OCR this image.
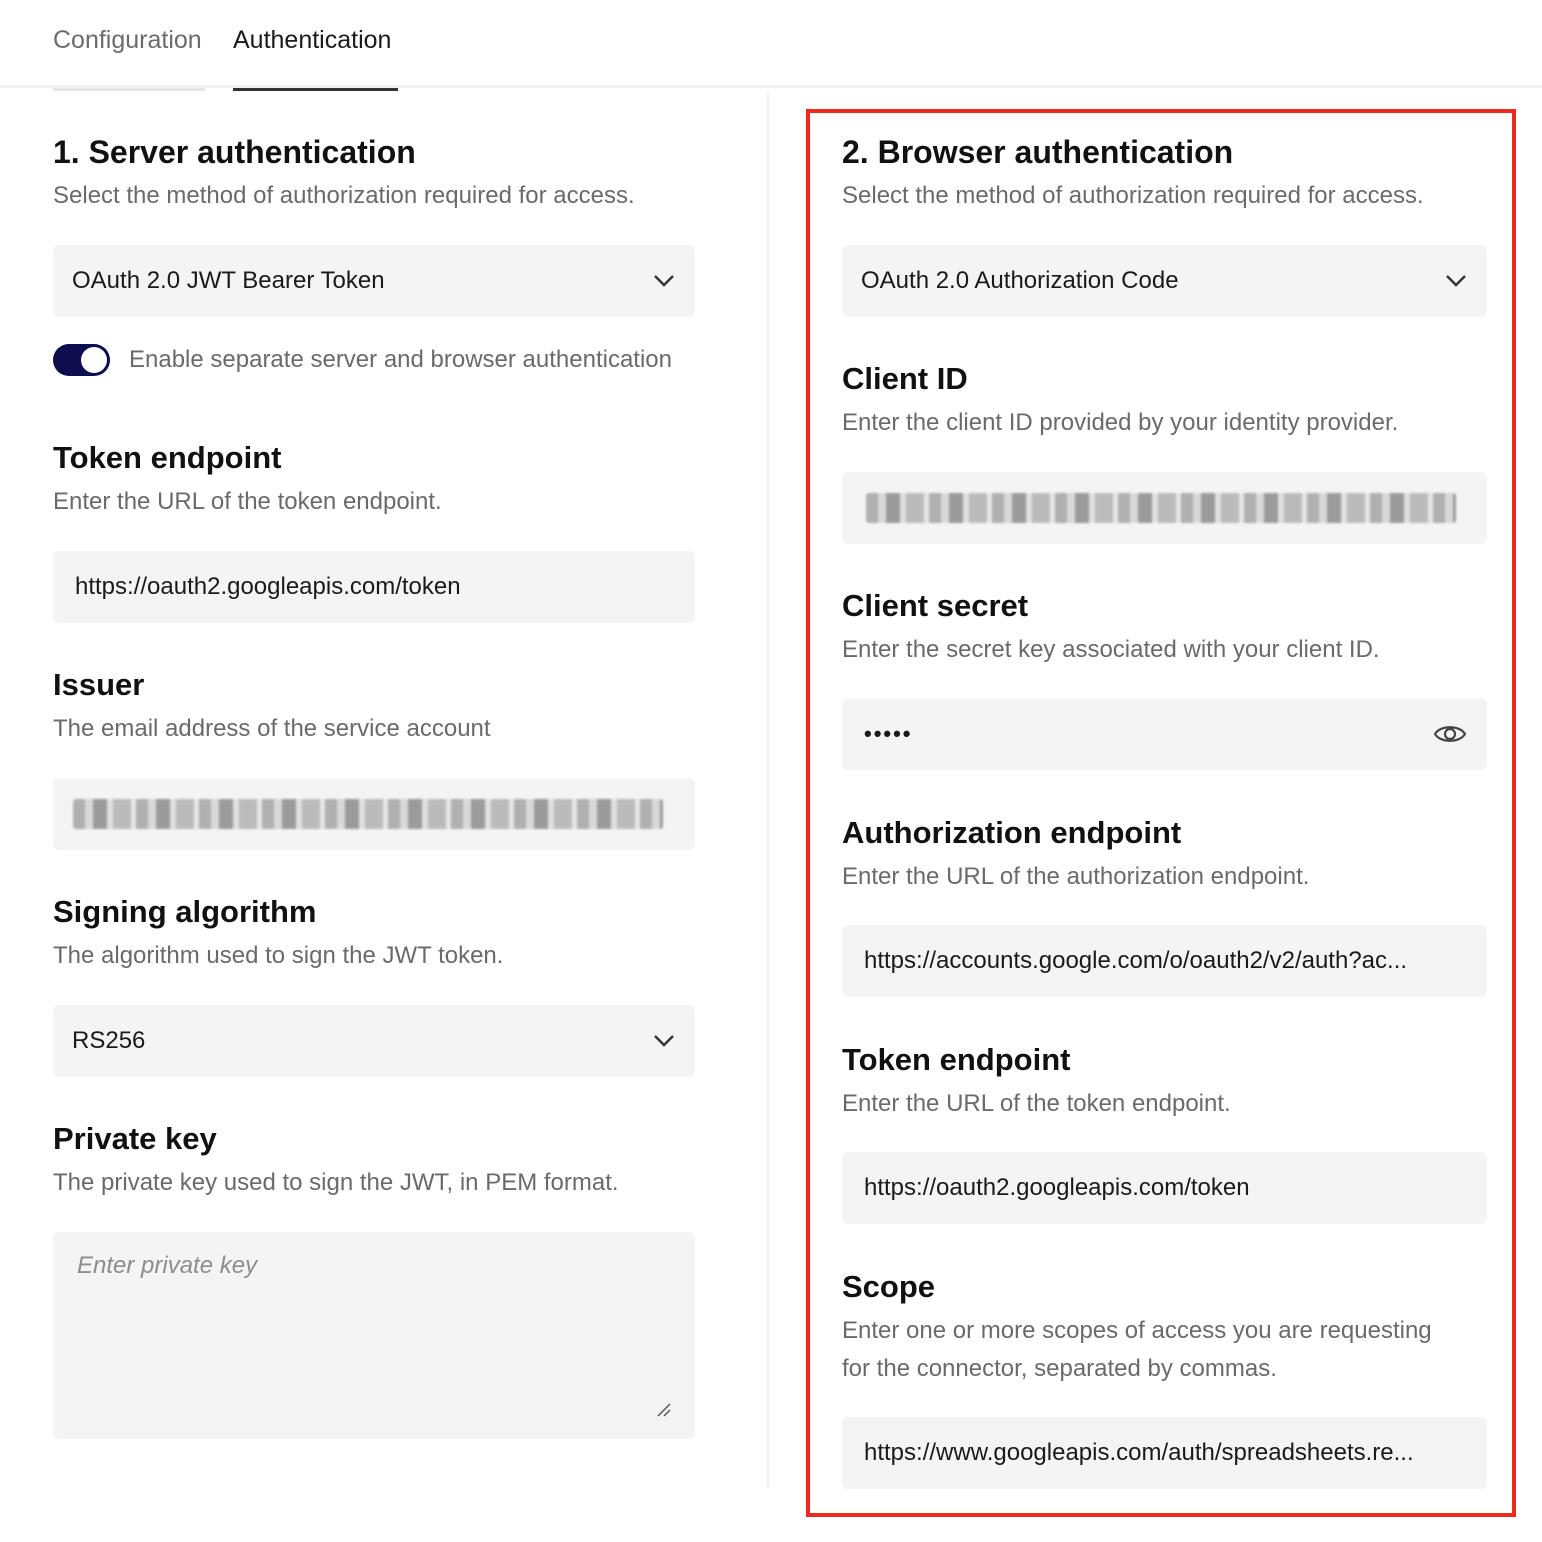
Configuration Authentication
1. Server authentication
Select the method of authorization required for access.
OAuth 2.0 JWT Bearer Token
Enable separate server and browser authentication
Token endpoint
Enter the URL of the token endpoint.
https://oauth2.googleapis.com/token
Issuer
The email address of the service account
Signing algorithm
The algorithm used to sign the JWT token.
RS256
Private key
The private key used to sign the JWT, in PEM format.
Enter private key
2. Browser authentication
Select the method of authorization required for access.
OAuth 2.0 Authorization Code
Client ID
Enter the client ID provided by your identity provider.
Client secret
Enter the secret key associated with your client ID.
•••••
Authorization endpoint
Enter the URL of the authorization endpoint.
https://accounts.google.com/o/oauth2/v2/auth?ac...
Token endpoint
Enter the URL of the token endpoint.
https://oauth2.googleapis.com/token
Scope
Enter one or more scopes of access you are requesting
for the connector, separated by commas.
https://www.googleapis.com/auth/spreadsheets.re...
